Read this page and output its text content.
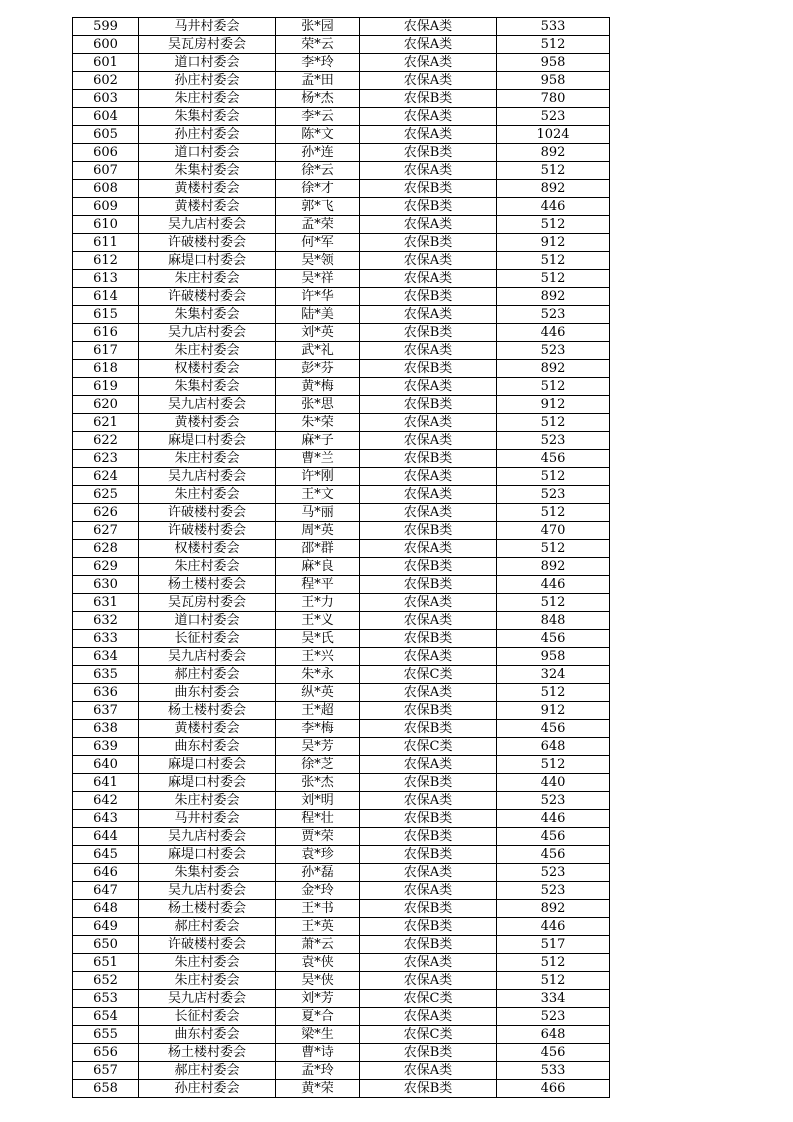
599	马井村委会	张*园	农保A类	533
600	吴瓦房村委会	荣*云	农保A类	512
601	道口村委会	李*玲	农保A类	958
602	孙庄村委会	孟*田	农保A类	958
603	朱庄村委会	杨*杰	农保B类	780
604	朱集村委会	李*云	农保A类	523
605	孙庄村委会	陈*文	农保A类	1024
606	道口村委会	孙*连	农保B类	892
607	朱集村委会	徐*云	农保A类	512
608	黄楼村委会	徐*才	农保B类	892
609	黄楼村委会	郭*飞	农保B类	446
610	吴九店村委会	孟*荣	农保A类	512
611	许破楼村委会	何*军	农保B类	912
612	麻堤口村委会	吴*领	农保A类	512
613	朱庄村委会	吴*祥	农保A类	512
614	许破楼村委会	许*华	农保B类	892
615	朱集村委会	陆*美	农保A类	523
616	吴九店村委会	刘*英	农保B类	446
617	朱庄村委会	武*礼	农保A类	523
618	权楼村委会	彭*芬	农保B类	892
619	朱集村委会	黄*梅	农保A类	512
620	吴九店村委会	张*思	农保B类	912
621	黄楼村委会	朱*荣	农保A类	512
622	麻堤口村委会	麻*子	农保A类	523
623	朱庄村委会	曹*兰	农保B类	456
624	吴九店村委会	许*刚	农保A类	512
625	朱庄村委会	王*文	农保A类	523
626	许破楼村委会	马*丽	农保A类	512
627	许破楼村委会	周*英	农保B类	470
628	权楼村委会	邵*群	农保A类	512
629	朱庄村委会	麻*良	农保B类	892
630	杨土楼村委会	程*平	农保B类	446
631	吴瓦房村委会	王*力	农保A类	512
632	道口村委会	王*义	农保A类	848
633	长征村委会	吴*氏	农保B类	456
634	吴九店村委会	王*兴	农保A类	958
635	郝庄村委会	朱*永	农保C类	324
636	曲东村委会	纵*英	农保A类	512
637	杨土楼村委会	王*超	农保B类	912
638	黄楼村委会	李*梅	农保B类	456
639	曲东村委会	吴*芳	农保C类	648
640	麻堤口村委会	徐*芝	农保A类	512
641	麻堤口村委会	张*杰	农保B类	440
642	朱庄村委会	刘*明	农保A类	523
643	马井村委会	程*壮	农保B类	446
644	吴九店村委会	贾*荣	农保B类	456
645	麻堤口村委会	袁*珍	农保B类	456
646	朱集村委会	孙*磊	农保A类	523
647	吴九店村委会	金*玲	农保A类	523
648	杨土楼村委会	王*书	农保B类	892
649	郝庄村委会	王*英	农保B类	446
650	许破楼村委会	萧*云	农保B类	517
651	朱庄村委会	袁*侠	农保A类	512
652	朱庄村委会	吴*侠	农保A类	512
653	吴九店村委会	刘*芳	农保C类	334
654	长征村委会	夏*合	农保A类	523
655	曲东村委会	梁*生	农保C类	648
656	杨土楼村委会	曹*诗	农保B类	456
657	郝庄村委会	孟*玲	农保A类	533
658	孙庄村委会	黄*荣	农保B类	466
